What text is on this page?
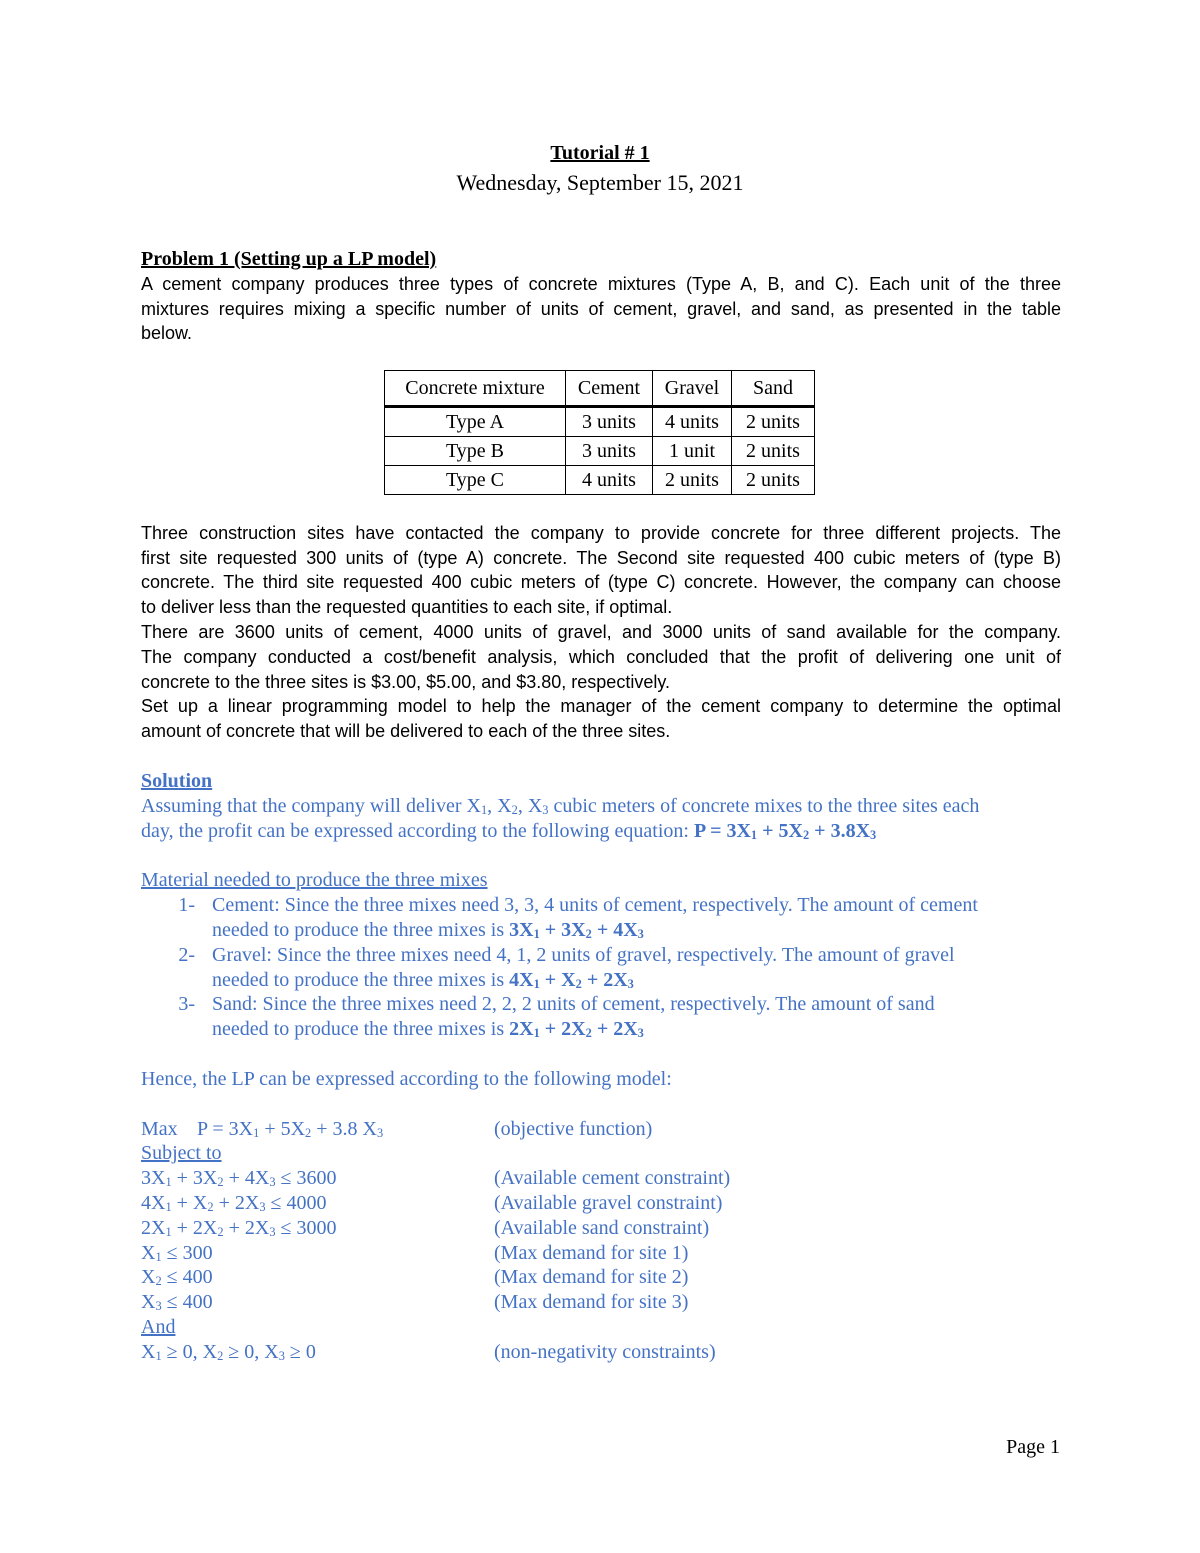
Tutorial # 1
Wednesday, September 15, 2021
Problem 1 (Setting up a LP model)
A cement company produces three types of concrete mixtures (Type A, B, and C). Each unit of the three
mixtures requires mixing a specific number of units of cement, gravel, and sand, as presented in the table
below.
Concrete mixture	Cement	Gravel	Sand
Type A	3 units	4 units	2 units
Type B	3 units	1 unit	2 units
Type C	4 units	2 units	2 units
Three construction sites have contacted the company to provide concrete for three different projects. The
first site requested 300 units of (type A) concrete. The Second site requested 400 cubic meters of (type B)
concrete. The third site requested 400 cubic meters of (type C) concrete. However, the company can choose
to deliver less than the requested quantities to each site, if optimal.
There are 3600 units of cement, 4000 units of gravel, and 3000 units of sand available for the company.
The company conducted a cost/benefit analysis, which concluded that the profit of delivering one unit of
concrete to the three sites is $3.00, $5.00, and $3.80, respectively.
Set up a linear programming model to help the manager of the cement company to determine the optimal
amount of concrete that will be delivered to each of the three sites.
Solution
Assuming that the company will deliver $X_1$, $X_2$, $X_3$ cubic meters of concrete mixes to the three sites each
day, the profit can be expressed according to the following equation: $P = 3X_1 + 5X_2 + 3.8X_3$
Material needed to produce the three mixes
1- Cement: Since the three mixes need 3, 3, 4 units of cement, respectively. The amount of cement
needed to produce the three mixes is $3X_1 + 3X_2 + 4X_3$
2- Gravel: Since the three mixes need 4, 1, 2 units of gravel, respectively. The amount of gravel
needed to produce the three mixes is $4X_1 + X_2 + 2X_3$
3- Sand: Since the three mixes need 2, 2, 2 units of cement, respectively. The amount of sand
needed to produce the three mixes is $2X_1 + 2X_2 + 2X_3$
Hence, the LP can be expressed according to the following model:
Max $P = 3X_1 + 5X_2 + 3.8$ $X_3$	(objective function)
Subject to
$3X_1 + 3X_2 + 4X_3 \le 3600$	(Available cement constraint)
$4X_1 + X_2 + 2X_3 \le 4000$	(Available gravel constraint)
$2X_1 + 2X_2 + 2X_3 \le 3000$	(Available sand constraint)
$X_1 \le 300$	(Max demand for site 1)
$X_2 \le 400$	(Max demand for site 2)
$X_3 \le 400$	(Max demand for site 3)
And
$X_1 \ge 0$, $X_2 \ge 0$, $X_3 \ge 0$	(non-negativity constraints)
Page 1
